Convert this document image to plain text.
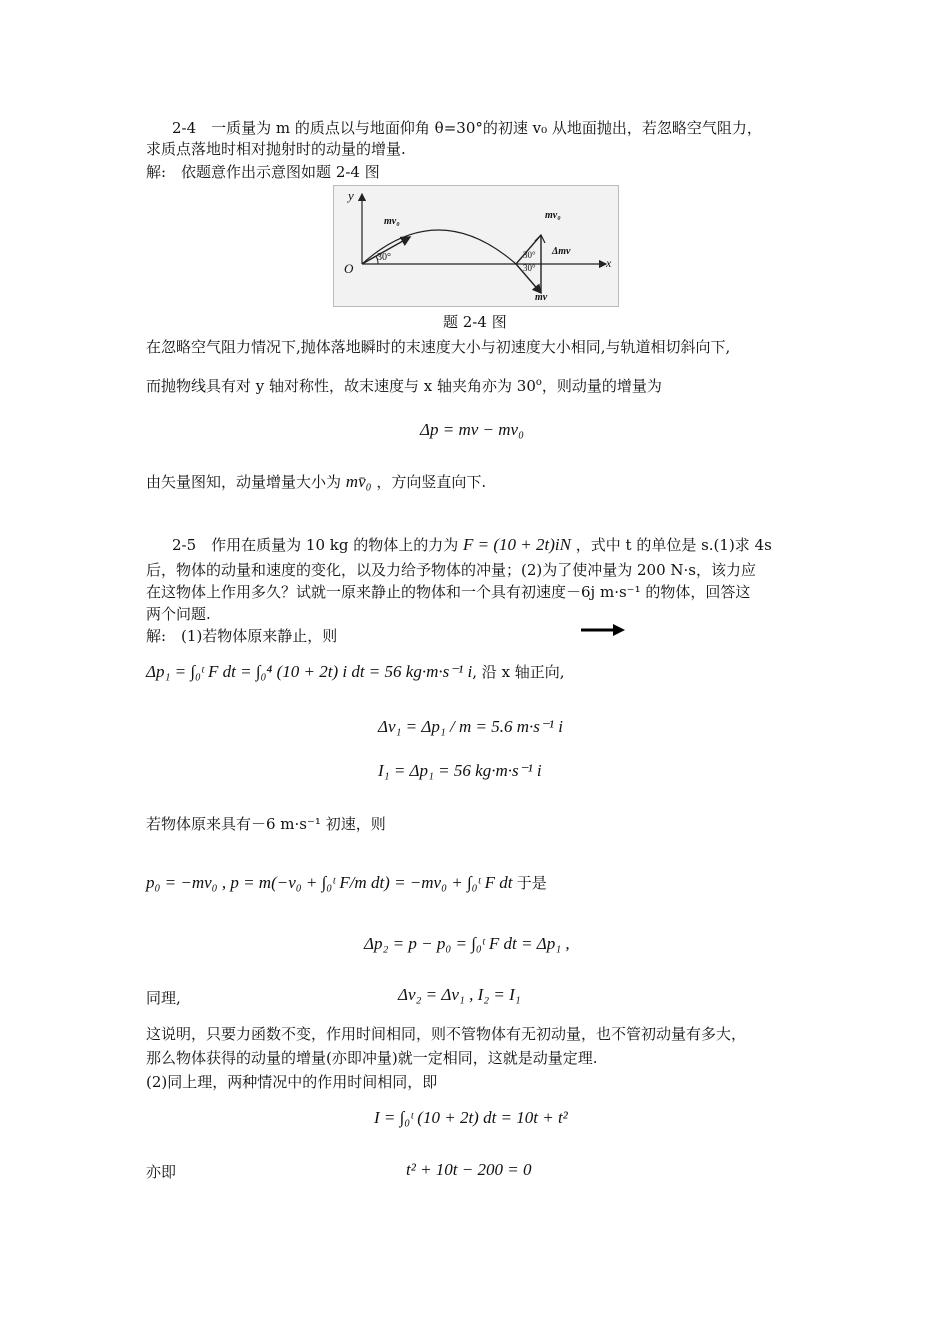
2-4　一质量为 m 的质点以与地面仰角 θ=30°的初速 v₀ 从地面抛出，若忽略空气阻力，
求质点落地时相对抛射时的动量的增量.
解:　依题意作出示意图如题 2-4 图
y
x
O
mv₀
30°
mv₀
Δmv
30°
30°
mv
题 2-4 图
在忽略空气阻力情况下,抛体落地瞬时的末速度大小与初速度大小相同,与轨道相切斜向下,
而抛物线具有对 y 轴对称性，故末速度与 x 轴夹角亦为 30$^o$，则动量的增量为
Δp = mv − mv₀
由矢量图知，动量增量大小为 mv̄₀ ，方向竖直向下.
2-5　作用在质量为 10 kg 的物体上的力为 F = (10 + 2t)iN ，式中 t 的单位是 s.(1)求 4s
后，物体的动量和速度的变化，以及力给予物体的冲量；(2)为了使冲量为 200 N·s，该力应
在这物体上作用多久？试就一原来静止的物体和一个具有初速度－6j m·s⁻¹ 的物体，回答这
两个问题.
解:　(1)若物体原来静止，则
Δp₁ = ∫₀ᵗ F dt = ∫₀⁴ (10 + 2t) i dt = 56 kg·m·s⁻¹ i, 沿 x 轴正向,
Δv₁ = Δp₁ / m = 5.6 m·s⁻¹ i
I₁ = Δp₁ = 56 kg·m·s⁻¹ i
若物体原来具有－6 m·s⁻¹ 初速，则
p₀ = −mv₀ , p = m(−v₀ + ∫₀ᵗ F/m dt) = −mv₀ + ∫₀ᵗ F dt 于是
Δp₂ = p − p₀ = ∫₀ᵗ F dt = Δp₁ ,
同理,	Δv₂ = Δv₁ , I₂ = I₁
这说明，只要力函数不变，作用时间相同，则不管物体有无初动量，也不管初动量有多大，
那么物体获得的动量的增量(亦即冲量)就一定相同，这就是动量定理.
(2)同上理，两种情况中的作用时间相同，即
I = ∫₀ᵗ (10 + 2t) dt = 10t + t²
亦即	t² + 10t − 200 = 0
